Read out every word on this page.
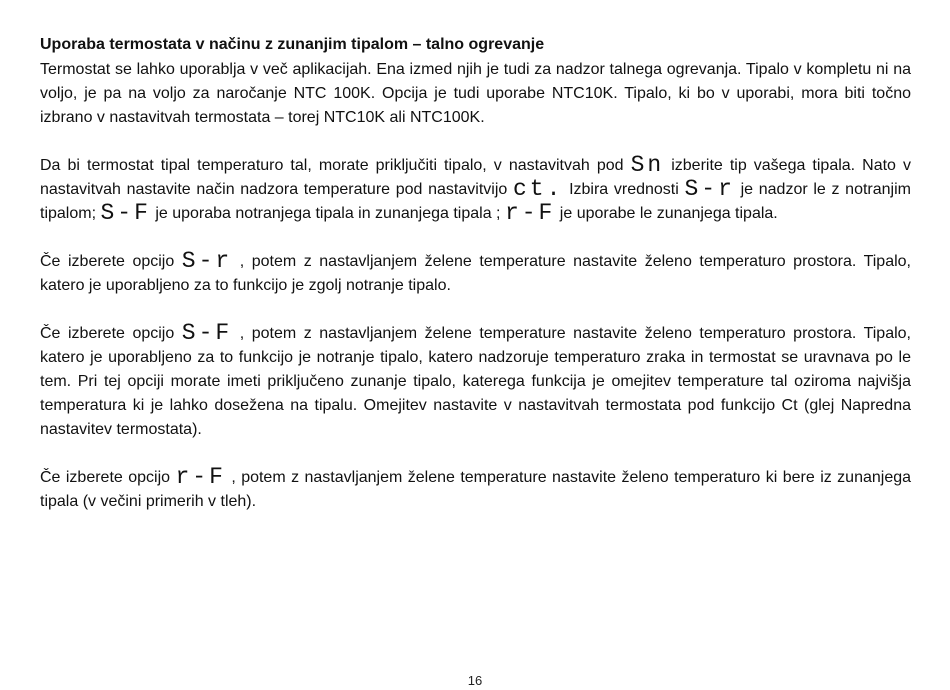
Uporaba termostata v načinu z zunanjim tipalom – talno ogrevanje

Termostat se lahko uporablja v več aplikacijah. Ena izmed njih je tudi za nadzor talnega ogrevanja. Tipalo v kompletu ni na voljo, je pa na voljo za naročanje NTC 100K. Opcija je tudi uporabe NTC10K. Tipalo, ki bo v uporabi, mora biti točno izbrano v nastavitvah termostata – torej NTC10K ali NTC100K.

Da bi termostat tipal temperaturo tal, morate priključiti tipalo, v nastavitvah pod Sn izberite tip vašega tipala. Nato v nastavitvah nastavite način nadzora temperature pod nastavitvijo ct. Izbira vrednosti S-r je nadzor le z notranjim tipalom; S-F je uporaba notranjega tipala in zunanjega tipala ; r-F je uporabe le zunanjega tipala.

Če izberete opcijo S-r , potem z nastavljanjem želene temperature nastavite želeno temperaturo prostora. Tipalo, katero je uporabljeno za to funkcijo je zgolj notranje tipalo.

Če izberete opcijo S-F , potem z nastavljanjem želene temperature nastavite želeno temperaturo prostora. Tipalo, katero je uporabljeno za to funkcijo je notranje tipalo, katero nadzoruje temperaturo zraka in termostat se uravnava po le tem. Pri tej opciji morate imeti priključeno zunanje tipalo, katerega funkcija je omejitev temperature tal oziroma najvišja temperatura ki je lahko dosežena na tipalu. Omejitev nastavite v nastavitvah termostata pod funkcijo Ct (glej Napredna nastavitev termostata).

Če izberete opcijo r-F , potem z nastavljanjem želene temperature nastavite želeno temperaturo ki bere iz zunanjega tipala (v večini primerih v tleh).

16
